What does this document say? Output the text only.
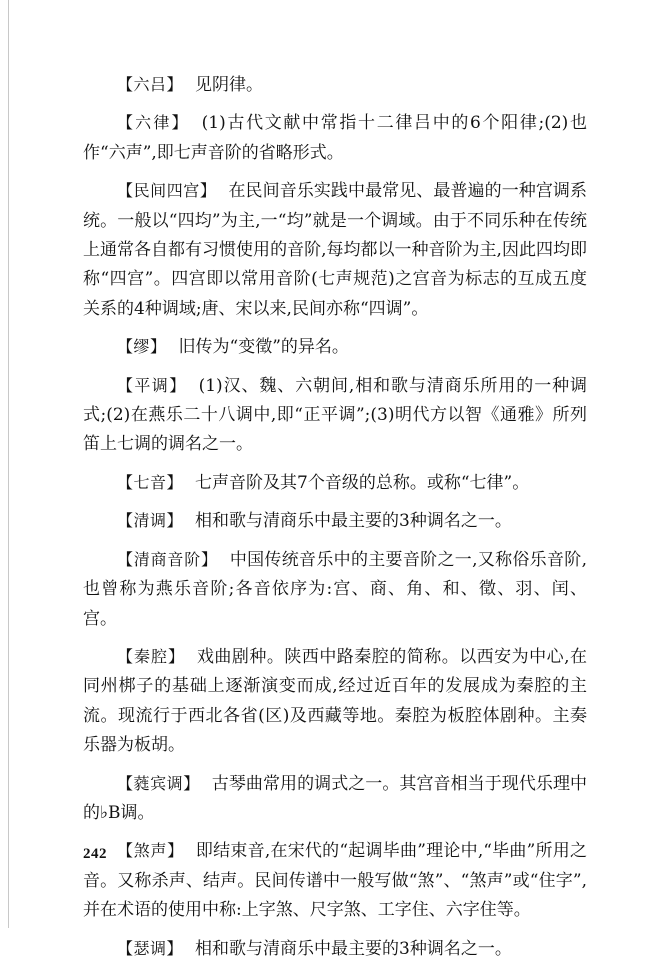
【六吕】 见阴律。

【六律】 (1)古代文献中常指十二律吕中的6个阳律;(2)也作“六声”,即七声音阶的省略形式。

【民间四宫】 在民间音乐实践中最常见、最普遍的一种宫调系统。一般以“四均”为主,一“均”就是一个调域。由于不同乐种在传统上通常各自都有习惯使用的音阶,每均都以一种音阶为主,因此四均即称“四宫”。四宫即以常用音阶(七声规范)之宫音为标志的互成五度关系的4种调域;唐、宋以来,民间亦称“四调”。

【缪】 旧传为“变徵”的异名。

【平调】 (1)汉、魏、六朝间,相和歌与清商乐所用的一种调式;(2)在燕乐二十八调中,即“正平调”;(3)明代方以智《通雅》所列笛上七调的调名之一。

【七音】 七声音阶及其7个音级的总称。或称“七律”。

【清调】 相和歌与清商乐中最主要的3种调名之一。

【清商音阶】 中国传统音乐中的主要音阶之一,又称俗乐音阶,也曾称为燕乐音阶;各音依序为:宫、商、角、和、徵、羽、闰、宫。

【秦腔】 戏曲剧种。陕西中路秦腔的简称。以西安为中心,在同州梆子的基础上逐渐演变而成,经过近百年的发展成为秦腔的主流。现流行于西北各省(区)及西藏等地。秦腔为板腔体剧种。主奏乐器为板胡。

【蕤宾调】 古琴曲常用的调式之一。其宫音相当于现代乐理中的♭B调。

【煞声】 即结束音,在宋代的“起调毕曲”理论中,“毕曲”所用之音。又称杀声、结声。民间传谱中一般写做“煞”、“煞声”或“住字”,并在术语的使用中称:上字煞、尺字煞、工字住、六字住等。

【瑟调】 相和歌与清商乐中最主要的3种调名之一。

242
